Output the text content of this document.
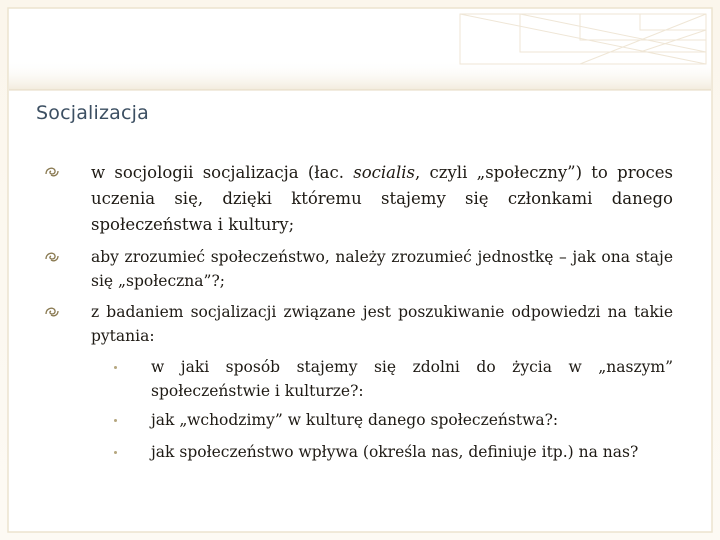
Socjalizacja
w socjologii socjalizacja (łac. socialis, czyli „społeczny”) to proces uczenia się, dzięki któremu stajemy się członkami danego społeczeństwa i kultury;
aby zrozumieć społeczeństwo, należy zrozumieć jednostkę – jak ona staje się „społeczna”?;
z badaniem socjalizacji związane jest poszukiwanie odpowiedzi na takie pytania:
w jaki sposób stajemy się zdolni do życia w „naszym” społeczeństwie i kulturze?:
jak „wchodzimy” w kulturę danego społeczeństwa?:
jak społeczeństwo wpływa (określa nas, definiuje itp.) na nas?
